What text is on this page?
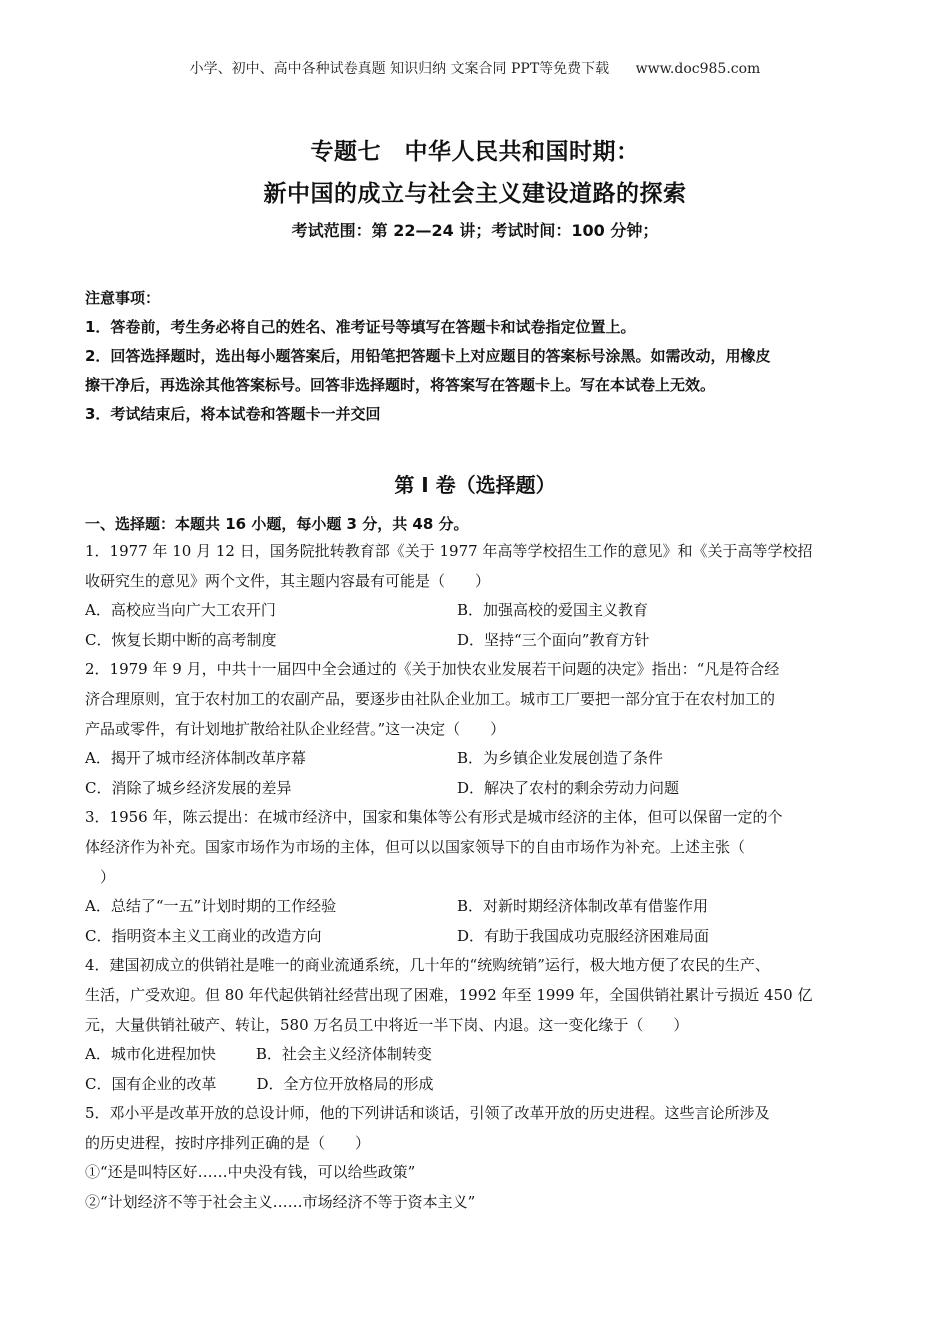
小学、初中、高中各种试卷真题 知识归纳 文案合同 PPT等免费下载 www.doc985.com
专题七　中华人民共和国时期：
新中国的成立与社会主义建设道路的探索
考试范围：第 22—24 讲；考试时间：100 分钟；
注意事项：
1．答卷前，考生务必将自己的姓名、准考证号等填写在答题卡和试卷指定位置上。
2．回答选择题时，选出每小题答案后，用铅笔把答题卡上对应题目的答案标号涂黑。如需改动，用橡皮
擦干净后，再选涂其他答案标号。回答非选择题时，将答案写在答题卡上。写在本试卷上无效。
3．考试结束后，将本试卷和答题卡一并交回
第 I 卷（选择题）
一、选择题：本题共 16 小题，每小题 3 分，共 48 分。
1．1977 年 10 月 12 日，国务院批转教育部《关于 1977 年高等学校招生工作的意见》和《关于高等学校招
收研究生的意见》两个文件，其主题内容最有可能是（　　）
A．高校应当向广大工农开门	B．加强高校的爱国主义教育
C．恢复长期中断的高考制度	D．坚持“三个面向”教育方针
2．1979 年 9 月，中共十一届四中全会通过的《关于加快农业发展若干问题的决定》指出：“凡是符合经
济合理原则，宜于农村加工的农副产品，要逐步由社队企业加工。城市工厂要把一部分宜于在农村加工的
产品或零件，有计划地扩散给社队企业经营。”这一决定（　　）
A．揭开了城市经济体制改革序幕	B．为乡镇企业发展创造了条件
C．消除了城乡经济发展的差异	D．解决了农村的剩余劳动力问题
3．1956 年，陈云提出：在城市经济中，国家和集体等公有形式是城市经济的主体，但可以保留一定的个
体经济作为补充。国家市场作为市场的主体，但可以以国家领导下的自由市场作为补充。上述主张（
　）
A．总结了“一五”计划时期的工作经验	B．对新时期经济体制改革有借鉴作用
C．指明资本主义工商业的改造方向	D．有助于我国成功克服经济困难局面
4．建国初成立的供销社是唯一的商业流通系统，几十年的“统购统销”运行，极大地方便了农民的生产、
生活，广受欢迎。但 80 年代起供销社经营出现了困难，1992 年至 1999 年，全国供销社累计亏损近 450 亿
元，大量供销社破产、转让，580 万名员工中将近一半下岗、内退。这一变化缘于（　　）
A．城市化进程加快	B．社会主义经济体制转变
C．国有企业的改革	D．全方位开放格局的形成
5．邓小平是改革开放的总设计师，他的下列讲话和谈话，引领了改革开放的历史进程。这些言论所涉及
的历史进程，按时序排列正确的是（　　）
①“还是叫特区好……中央没有钱，可以给些政策”
②“计划经济不等于社会主义……市场经济不等于资本主义”
